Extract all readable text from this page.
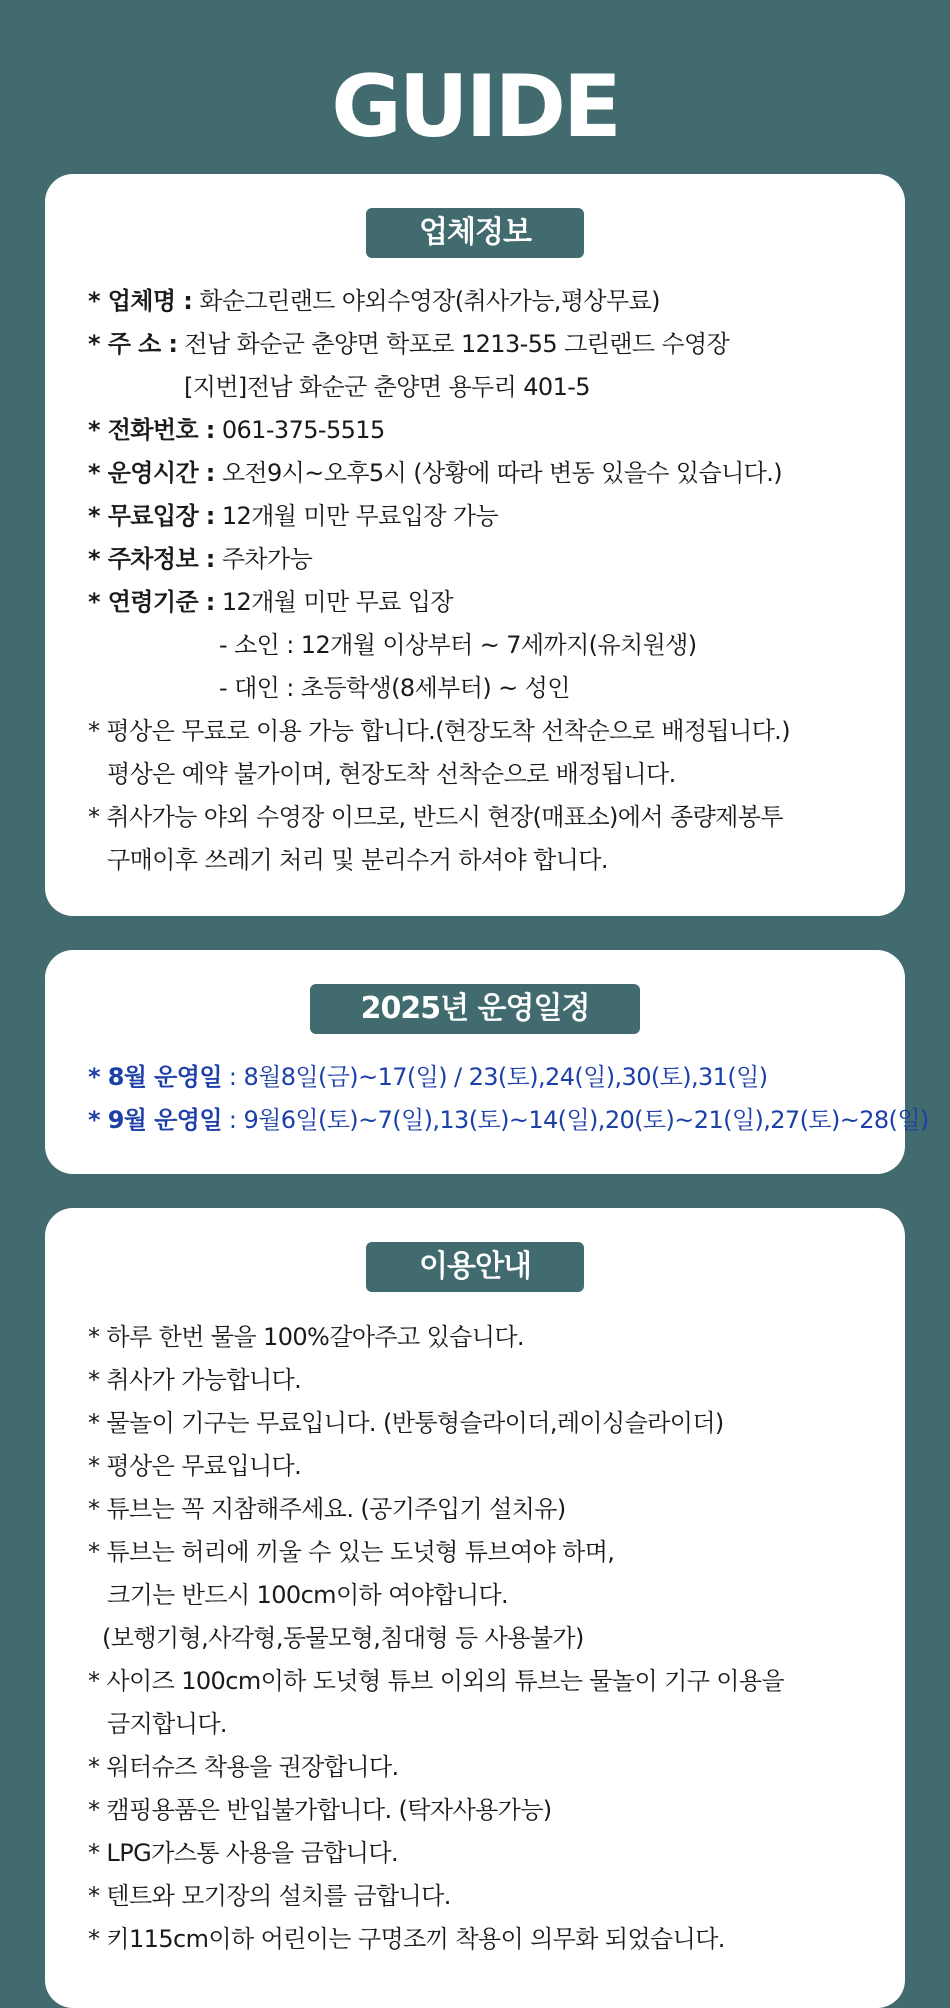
GUIDE
업체정보
* 업체명 : 화순그린랜드 야외수영장(취사가능,평상무료)
* 주 소 : 전남 화순군 춘양면 학포로 1213-55 그린랜드 수영장
[지번]전남 화순군 춘양면 용두리 401-5
* 전화번호 : 061-375-5515
* 운영시간 : 오전9시~오후5시 (상황에 따라 변동 있을수 있습니다.)
* 무료입장 : 12개월 미만 무료입장 가능
* 주차정보 : 주차가능
* 연령기준 : 12개월 미만 무료 입장
- 소인 : 12개월 이상부터 ~ 7세까지(유치원생)
- 대인 : 초등학생(8세부터) ~ 성인
* 평상은 무료로 이용 가능 합니다.(현장도착 선착순으로 배정됩니다.)
평상은 예약 불가이며, 현장도착 선착순으로 배정됩니다.
* 취사가능 야외 수영장 이므로, 반드시 현장(매표소)에서 종량제봉투
구매이후 쓰레기 처리 및 분리수거 하셔야 합니다.
2025년 운영일정
* 8월 운영일 : 8월8일(금)~17(일) / 23(토),24(일),30(토),31(일)
* 9월 운영일 : 9월6일(토)~7(일),13(토)~14(일),20(토)~21(일),27(토)~28(일)
이용안내
* 하루 한번 물을 100%갈아주고 있습니다.
* 취사가 가능합니다.
* 물놀이 기구는 무료입니다. (반퉁형슬라이더,레이싱슬라이더)
* 평상은 무료입니다.
* 튜브는 꼭 지참해주세요. (공기주입기 설치유)
* 튜브는 허리에 끼울 수 있는 도넛형 튜브여야 하며,
크기는 반드시 100cm이하 여야합니다.
(보행기형,사각형,동물모형,침대형 등 사용불가)
* 사이즈 100cm이하 도넛형 튜브 이외의 튜브는 물놀이 기구 이용을
금지합니다.
* 워터슈즈 착용을 권장합니다.
* 캠핑용품은 반입불가합니다. (탁자사용가능)
* LPG가스통 사용을 금합니다.
* 텐트와 모기장의 설치를 금합니다.
* 키115cm이하 어린이는 구명조끼 착용이 의무화 되었습니다.
